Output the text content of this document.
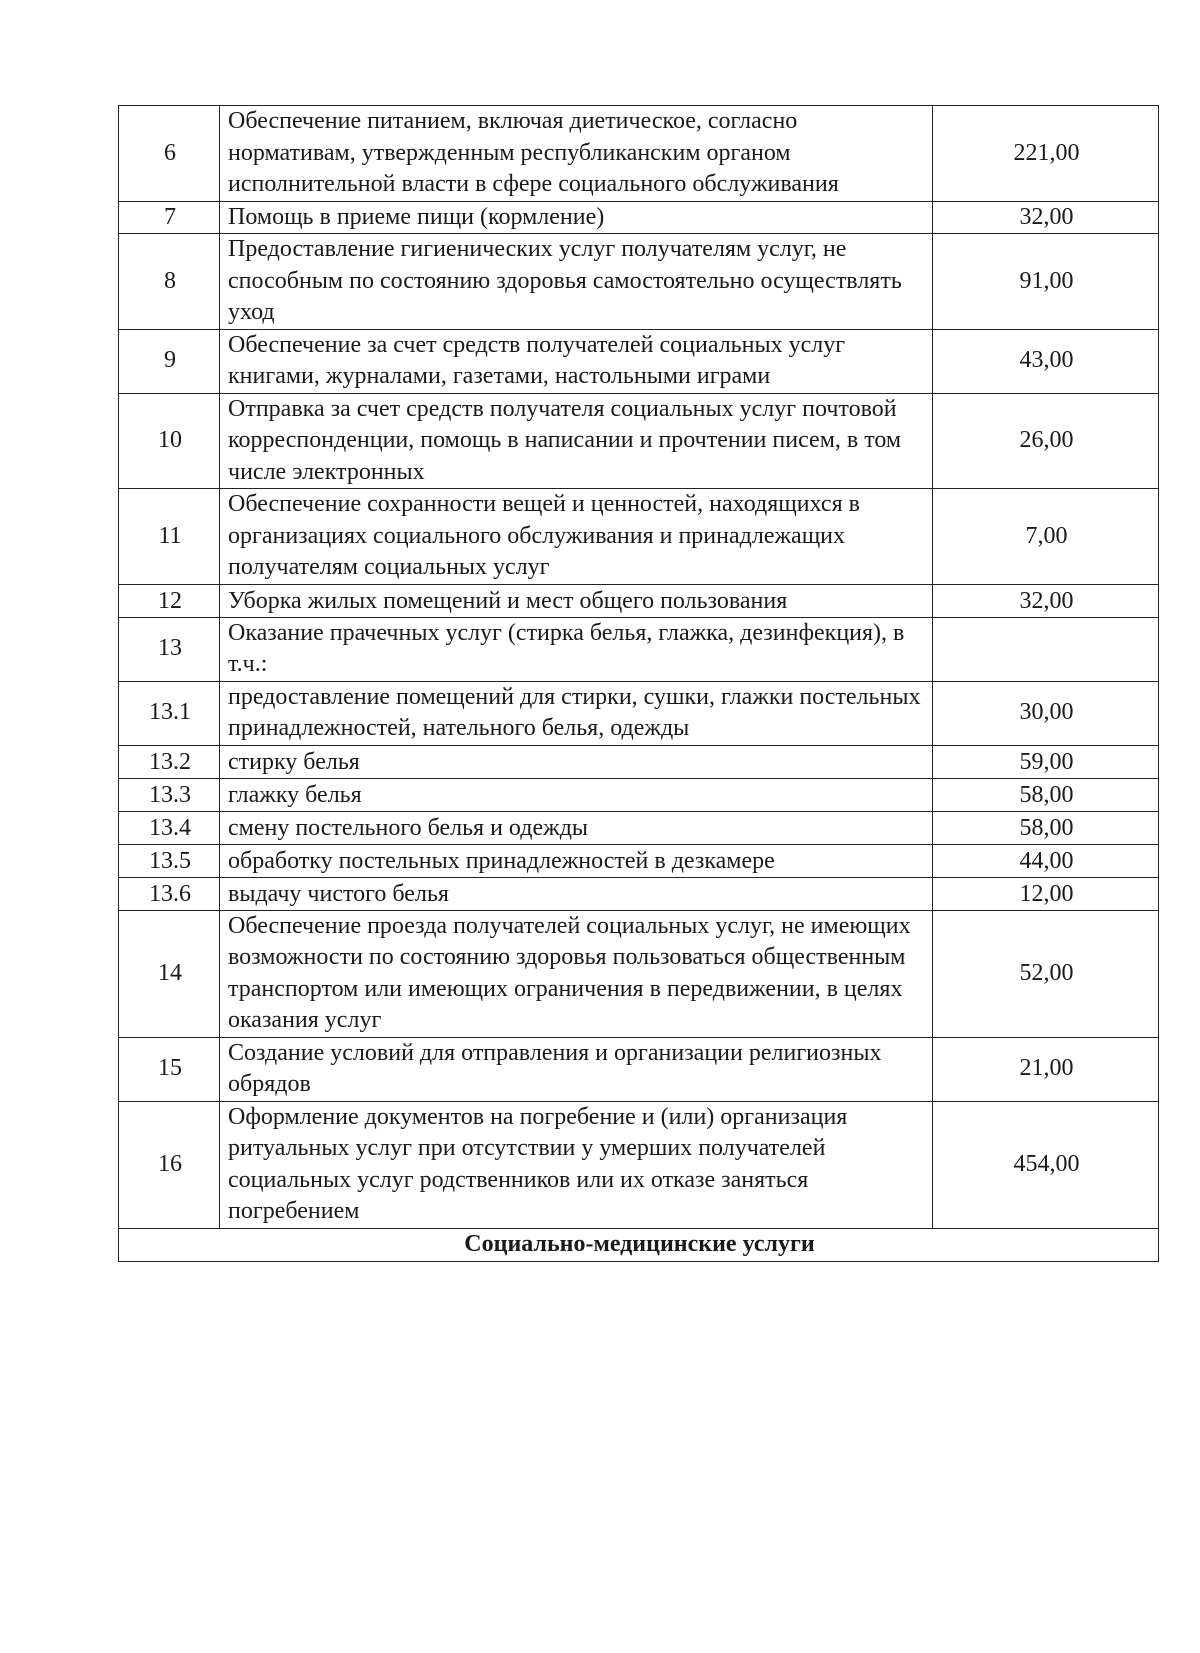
6	Обеспечение питанием, включая диетическое, согласно нормативам, утвержденным республиканским органом исполнительной власти в сфере социального обслуживания	221,00
7	Помощь в приеме пищи (кормление)	32,00
8	Предоставление гигиенических услуг получателям услуг, не способным по состоянию здоровья самостоятельно осуществлять уход	91,00
9	Обеспечение за счет средств получателей социальных услуг книгами, журналами, газетами, настольными играми	43,00
10	Отправка за счет средств получателя социальных услуг почтовой корреспонденции, помощь в написании и прочтении писем, в том числе электронных	26,00
11	Обеспечение сохранности вещей и ценностей, находящихся в организациях социального обслуживания и принадлежащих получателям социальных услуг	7,00
12	Уборка жилых помещений и мест общего пользования	32,00
13	Оказание прачечных услуг (стирка белья, глажка, дезинфекция), в т.ч.:	
13.1	предоставление помещений для стирки, сушки, глажки постельных принадлежностей, нательного белья, одежды	30,00
13.2	стирку белья	59,00
13.3	глажку белья	58,00
13.4	смену постельного белья и одежды	58,00
13.5	обработку постельных принадлежностей в дезкамере	44,00
13.6	выдачу чистого белья	12,00
14	Обеспечение проезда получателей социальных услуг, не имеющих возможности по состоянию здоровья пользоваться общественным транспортом или имеющих ограничения в передвижении, в целях оказания услуг	52,00
15	Создание условий для отправления и организации религиозных обрядов	21,00
16	Оформление документов на погребение и (или) организация ритуальных услуг при отсутствии у умерших получателей социальных услуг родственников или их отказе заняться погребением	454,00
Социально-медицинские услуги		
